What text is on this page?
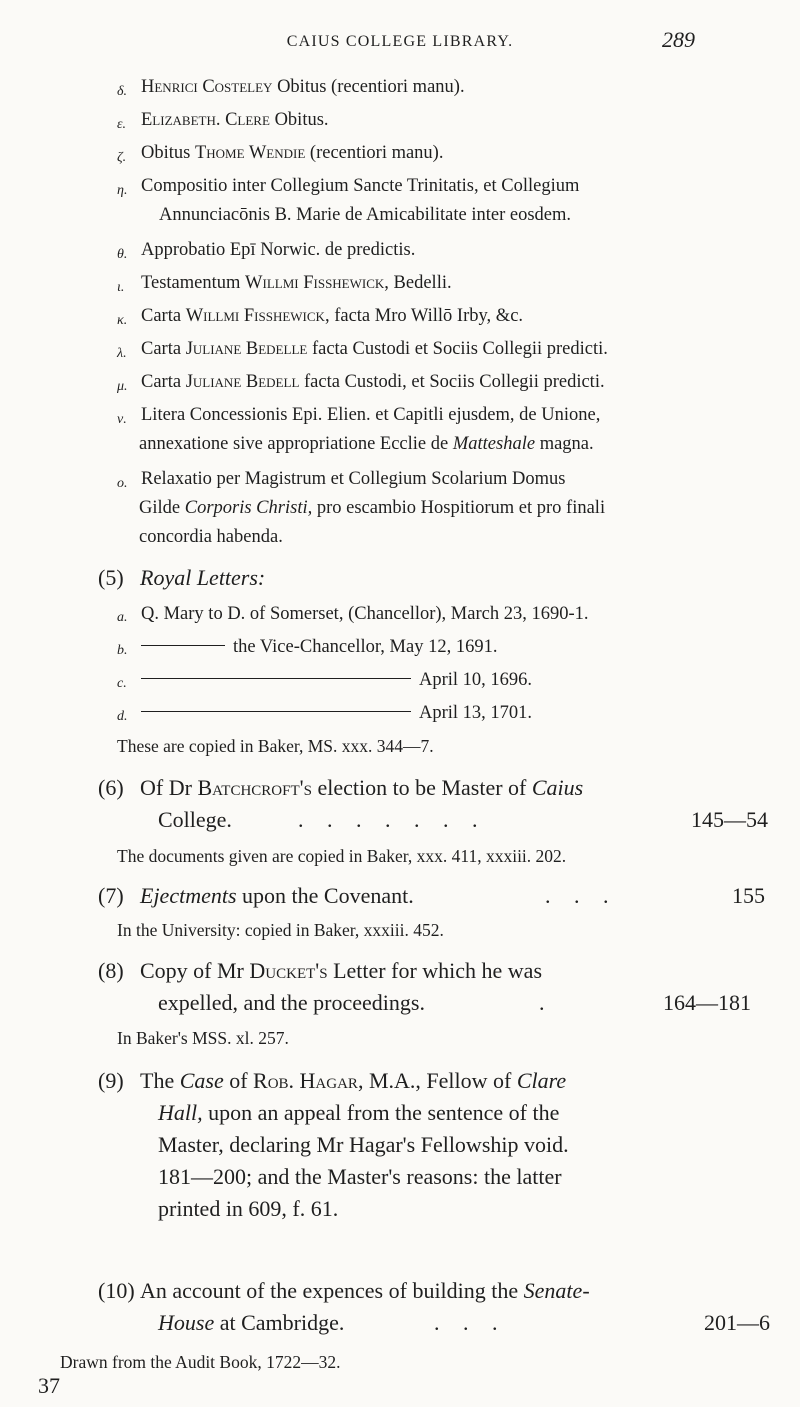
CAIUS COLLEGE LIBRARY.	289
δ. Henrici Costeley Obitus (recentiori manu).
ε. Elizabeth. Clere Obitus.
ζ. Obitus Thome Wendie (recentiori manu).
η. Compositio inter Collegium Sancte Trinitatis, et Collegium
Annunciacōnis B. Marie de Amicabilitate inter eosdem.
θ. Approbatio Epī Norwic. de predictis.
ι. Testamentum Willmi Fisshewick, Bedelli.
κ. Carta Willmi Fisshewick, facta Mro Willō Irby, &c.
λ. Carta Juliane Bedelle facta Custodi et Sociis Collegii predicti.
μ. Carta Juliane Bedell facta Custodi, et Sociis Collegii predicti.
ν. Litera Concessionis Epi. Elien. et Capitli ejusdem, de Unione,
annexatione sive appropriatione Ecclie de Matteshale magna.
ο. Relaxatio per Magistrum et Collegium Scolarium Domus
Gilde Corporis Christi, pro escambio Hospitiorum et pro finali
concordia habenda.
(5) Royal Letters:
a. Q. Mary to D. of Somerset, (Chancellor), March 23, 1690-1.
b.	the Vice-Chancellor, May 12, 1691.
c.	April 10, 1696.
d.	April 13, 1701.
These are copied in Baker, MS. xxx. 344—7.
(6) Of Dr Batchcroft's election to be Master of Caius
College.	. . . . . . .	145—54
The documents given are copied in Baker, xxx. 411, xxxiii. 202.
(7) Ejectments upon the Covenant.	. . .	155
In the University: copied in Baker, xxxiii. 452.
(8) Copy of Mr Ducket's Letter for which he was
expelled, and the proceedings.	.	164—181
In Baker's MSS. xl. 257.
(9) The Case of Rob. Hagar, M.A., Fellow of Clare
Hall, upon an appeal from the sentence of the
Master, declaring Mr Hagar's Fellowship void.
181—200; and the Master's reasons: the latter
printed in 609, f. 61.
(10) An account of the expences of building the Senate-
House at Cambridge.	. . .	201—6
Drawn from the Audit Book, 1722—32.
37
